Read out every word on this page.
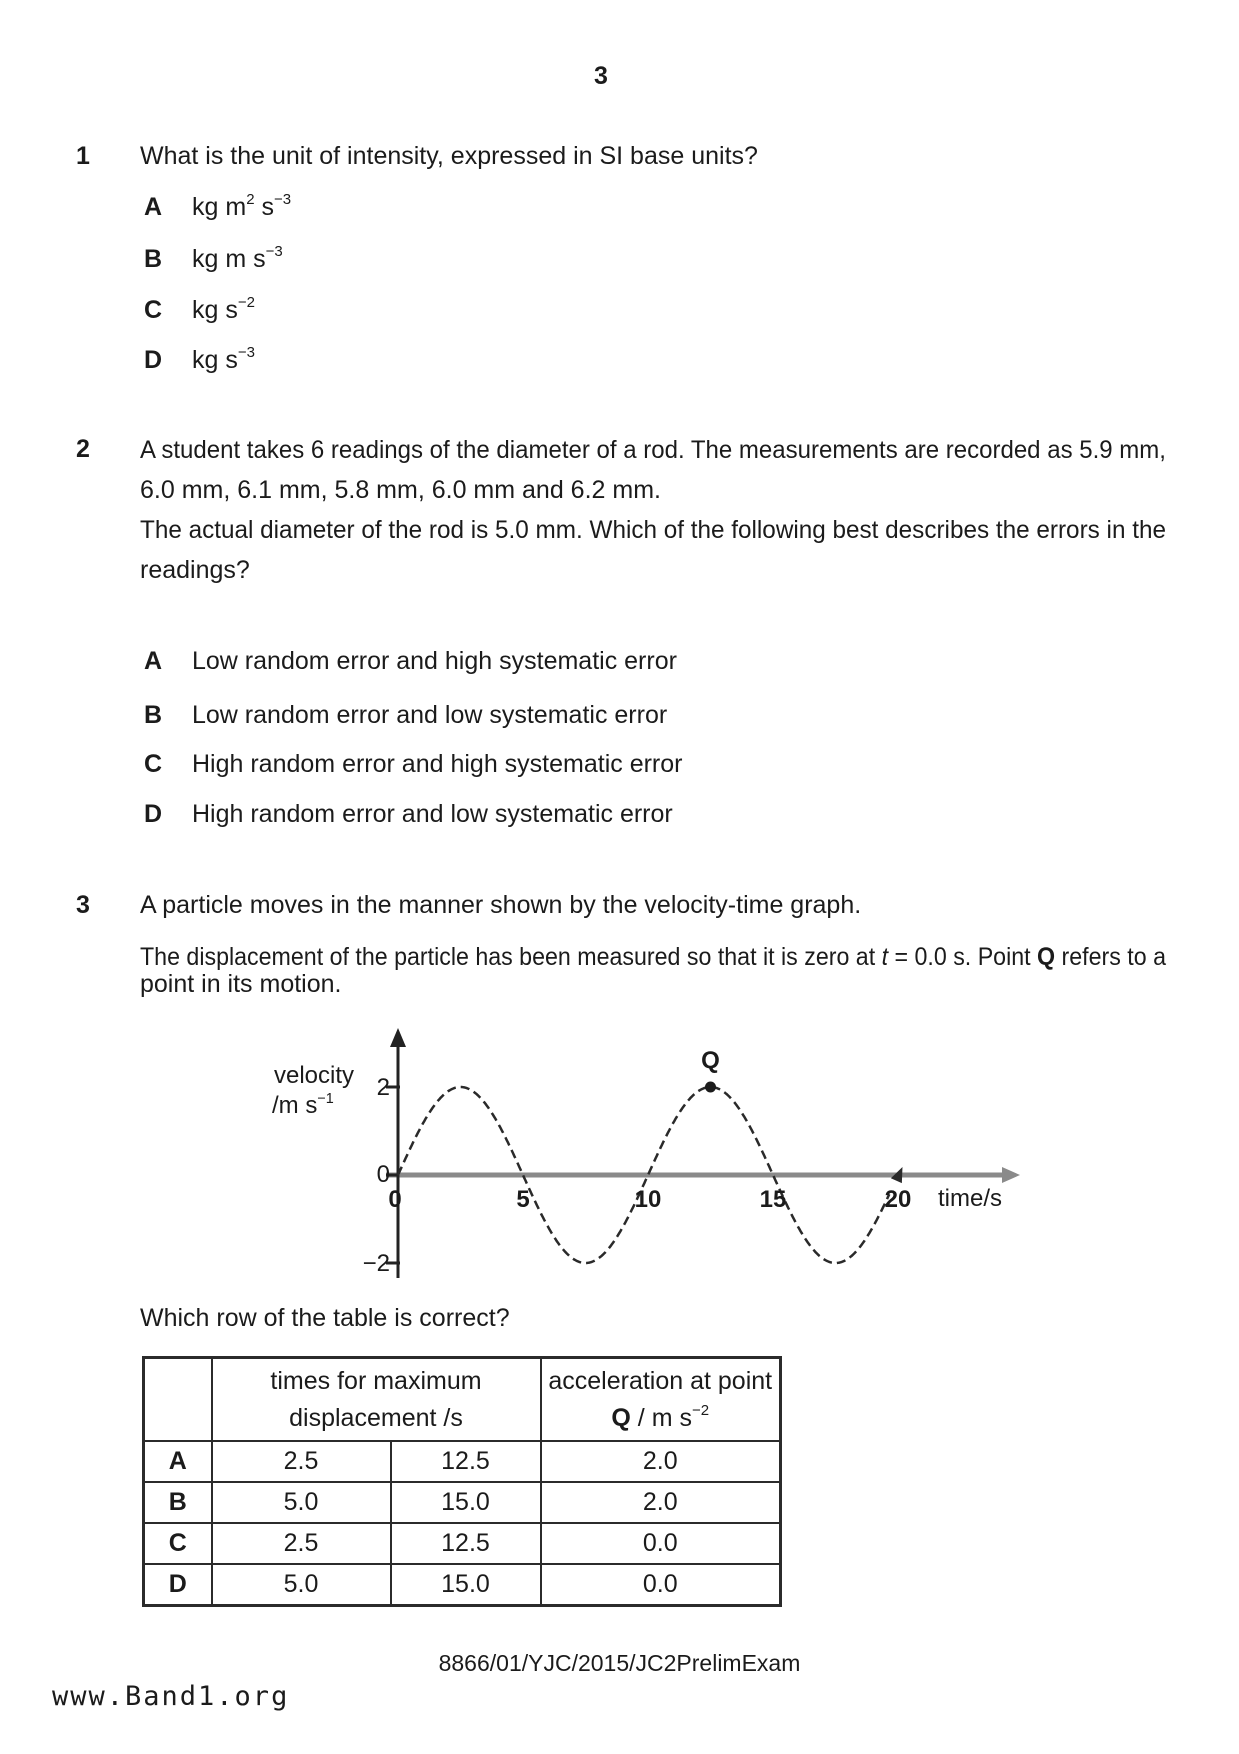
3
1 What is the unit of intensity, expressed in SI base units?
A kg $m^2$ $s^{-3}$
B kg m $s^{-3}$
C kg $s^{-2}$
D kg $s^{-3}$
2 A student takes 6 readings of the diameter of a rod. The measurements are recorded as 5.9 mm,
6.0 mm, 6.1 mm, 5.8 mm, 6.0 mm and 6.2 mm.
The actual diameter of the rod is 5.0 mm. Which of the following best describes the errors in the
readings?
A Low random error and high systematic error
B Low random error and low systematic error
C High random error and high systematic error
D High random error and low systematic error
3 A particle moves in the manner shown by the velocity-time graph.
The displacement of the particle has been measured so that it is zero at t = 0.0 s. Point Q refers to a
point in its motion.
Q
2
0
−2
0	5	10	15	20 time/s
velocity
/m $s^{-1}$
Which row of the table is correct?

times for maximum
displacement /s

acceleration at point
Q / m $s^{-2}$

A	2.5	12.5	2.0
B	5.0	15.0	2.0
C	2.5	12.5	0.0
D	5.0	15.0	0.0
8866/01/YJC/2015/JC2PrelimExam
www.Band1.org
